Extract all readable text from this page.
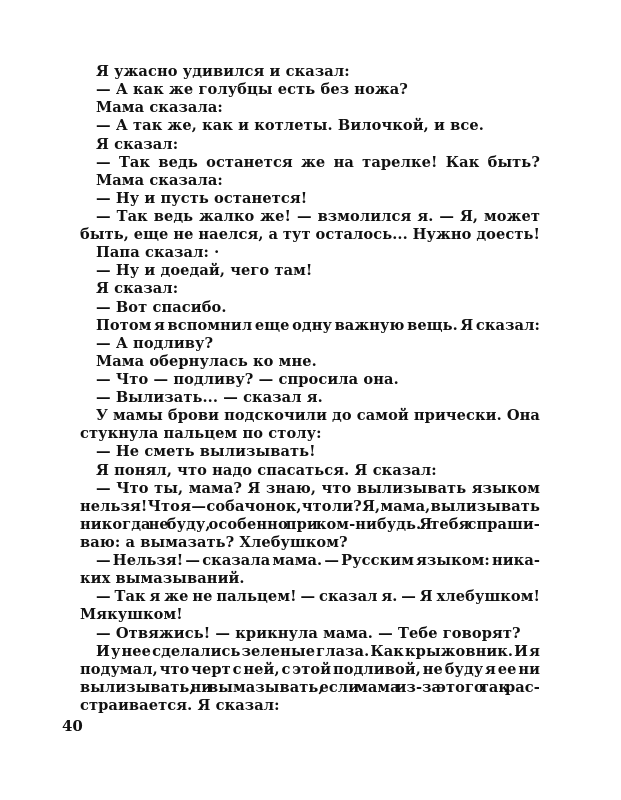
Я ужасно удивился и сказал:
— А как же голубцы есть без ножа?
Мама сказала:
— А так же, как и котлеты. Вилочкой, и все.
Я сказал:
— Так ведь останется же на тарелке! Как быть?
Мама сказала:
— Ну и пусть останется!
— Так ведь жалко же! — взмолился я. — Я, может
быть, еще не наелся, а тут осталось... Нужно доесть!
Папа сказал: ·
— Ну и доедай, чего там!
Я сказал:
— Вот спасибо.
Потом я вспомнил еще одну важную вещь. Я сказал:
— А подливу?
Мама обернулась ко мне.
— Что — подливу? — спросила она.
— Вылизать... — сказал я.
У мамы брови подскочили до самой прически. Она
стукнула пальцем по столу:
— Не сметь вылизывать!
Я понял, что надо спасаться. Я сказал:
— Что ты, мама? Я знаю, что вылизывать языком
нельзя! Что я — собачонок, что ли? Я, мама, вылизывать
никогда не буду, особенно при ком-нибудь. Я тебя спраши-
ваю: а вымазать? Хлебушком?
— Нельзя! — сказала мама. — Русским языком: ника-
ких вымазываний.
— Так я же не пальцем! — сказал я. — Я хлебушком!
Мякушком!
— Отвяжись! — крикнула мама. — Тебе говорят?
И у нее сделались зеленые глаза. Как крыжовник. И я
подумал, что черт с ней, с этой подливой, не буду я ее ни
вылизывать, ни вымазывать, если мама из-за этого так рас-
страивается. Я сказал:
40
